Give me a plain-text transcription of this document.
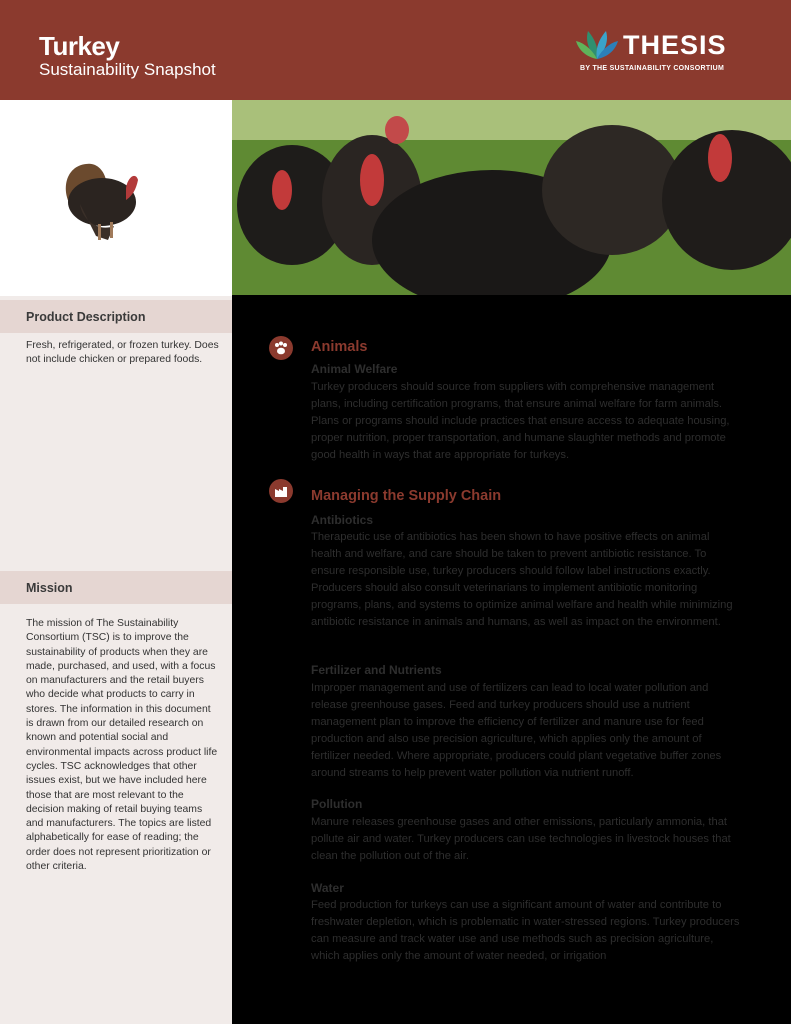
Turkey
Sustainability Snapshot
THESIS
BY THE SUSTAINABILITY CONSORTIUM
Product Description
Fresh, refrigerated, or frozen turkey. Does not include chicken or prepared foods.
Mission
The mission of The Sustainability Consortium (TSC) is to improve the sustainability of products when they are made, purchased, and used, with a focus on manufacturers and the retail buyers who decide what products to carry in stores. The information in this document is drawn from our detailed research on known and potential social and environmental impacts across product life cycles. TSC acknowledges that other issues exist, but we have included here those that are most relevant to the decision making of retail buying teams and manufacturers. The topics are listed alphabetically for ease of reading; the order does not represent prioritization or other criteria.
Animals
Animal Welfare
Turkey producers should source from suppliers with comprehensive management plans, including certification programs, that ensure animal welfare for farm animals. Plans or programs should include practices that ensure access to adequate housing, proper nutrition, proper transportation, and humane slaughter methods and promote good health in ways that are appropriate for turkeys.
Managing the Supply Chain
Antibiotics
Therapeutic use of antibiotics has been shown to have positive effects on animal health and welfare, and care should be taken to prevent antibiotic resistance. To ensure responsible use, turkey producers should follow label instructions exactly. Producers should also consult veterinarians to implement antibiotic monitoring programs, plans, and systems to optimize animal welfare and health while minimizing antibiotic resistance in animals and humans, as well as impact on the environment.
Fertilizer and Nutrients
Improper management and use of fertilizers can lead to local water pollution and release greenhouse gases. Feed and turkey producers should use a nutrient management plan to improve the efficiency of fertilizer and manure use for feed production and also use precision agriculture, which applies only the amount of fertilizer needed. Where appropriate, producers could plant vegetative buffer zones around streams to help prevent water pollution via nutrient runoff.
Pollution
Manure releases greenhouse gases and other emissions, particularly ammonia, that pollute air and water. Turkey producers can use technologies in livestock houses that clean the pollution out of the air.
Water
Feed production for turkeys can use a significant amount of water and contribute to freshwater depletion, which is problematic in water-stressed regions. Turkey producers can measure and track water use and use methods such as precision agriculture, which applies only the amount of water needed, or irrigation
